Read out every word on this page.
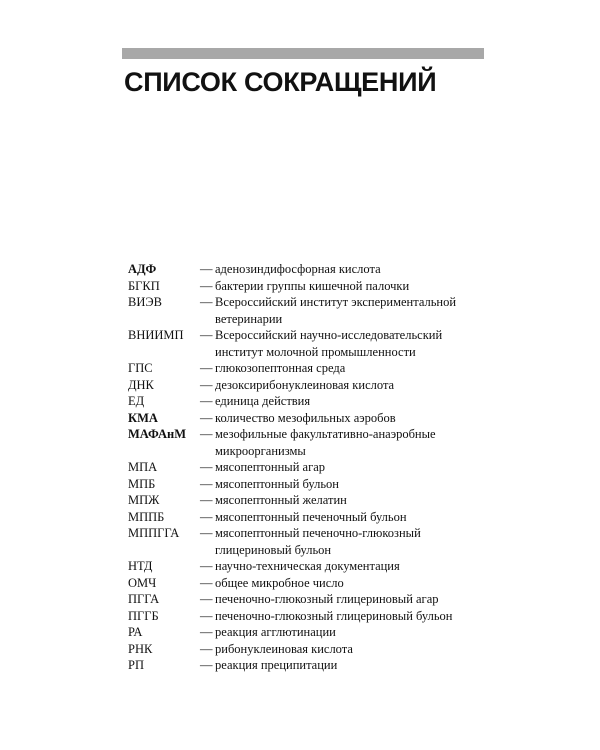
СПИСОК СОКРАЩЕНИЙ
АДФ	— аденозиндифосфорная кислота
БГКП	— бактерии группы кишечной палочки
ВИЭВ	— Всероссийский институт экспериментальной ветеринарии
ВНИИМП	— Всероссийский научно-исследовательский институт молочной промышленности
ГПС	— глюкозопептонная среда
ДНК	— дезоксирибонуклеиновая кислота
ЕД	— единица действия
КМА	— количество мезофильных аэробов
МАФАнМ	— мезофильные факультативно-анаэробные микроорганизмы
МПА	— мясопептонный агар
МПБ	— мясопептонный бульон
МПЖ	— мясопептонный желатин
МППБ	— мясопептонный печеночный бульон
МППГГА	— мясопептонный печеночно-глюкозный глицериновый бульон
НТД	— научно-техническая документация
ОМЧ	— общее микробное число
ПГГА	— печеночно-глюкозный глицериновый агар
ПГГБ	— печеночно-глюкозный глицериновый бульон
РА	— реакция агглютинации
РНК	— рибонуклеиновая кислота
РП	— реакция преципитации
